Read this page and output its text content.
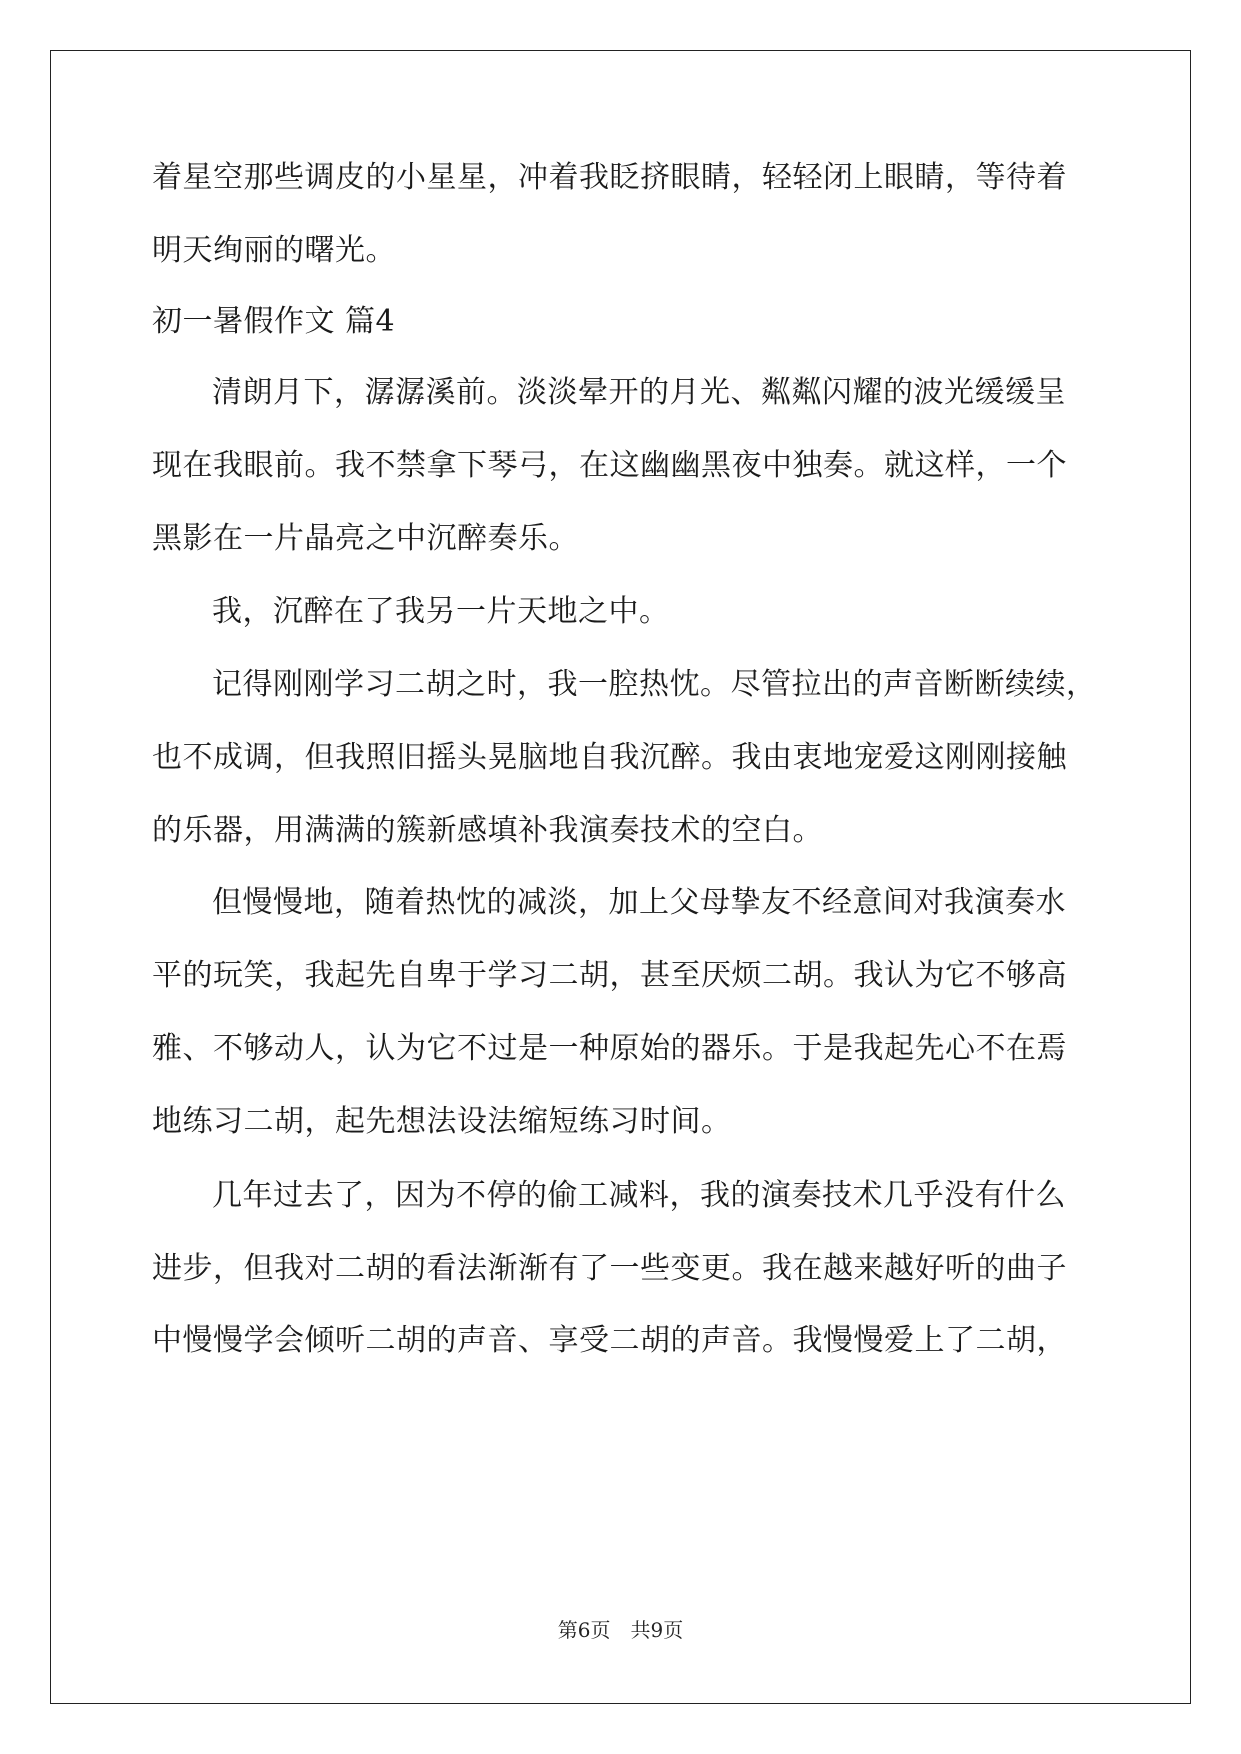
着星空那些调皮的小星星，冲着我眨挤眼睛，轻轻闭上眼睛，等待着
明天绚丽的曙光。
初一暑假作文 篇4
清朗月下，潺潺溪前。淡淡晕开的月光、粼粼闪耀的波光缓缓呈
现在我眼前。我不禁拿下琴弓，在这幽幽黑夜中独奏。就这样，一个
黑影在一片晶亮之中沉醉奏乐。
我，沉醉在了我另一片天地之中。
记得刚刚学习二胡之时，我一腔热忱。尽管拉出的声音断断续续，
也不成调，但我照旧摇头晃脑地自我沉醉。我由衷地宠爱这刚刚接触
的乐器，用满满的簇新感填补我演奏技术的空白。
但慢慢地，随着热忱的减淡，加上父母挚友不经意间对我演奏水
平的玩笑，我起先自卑于学习二胡，甚至厌烦二胡。我认为它不够高
雅、不够动人，认为它不过是一种原始的器乐。于是我起先心不在焉
地练习二胡，起先想法设法缩短练习时间。
几年过去了，因为不停的偷工减料，我的演奏技术几乎没有什么
进步，但我对二胡的看法渐渐有了一些变更。我在越来越好听的曲子
中慢慢学会倾听二胡的声音、享受二胡的声音。我慢慢爱上了二胡，
第6页　共9页
